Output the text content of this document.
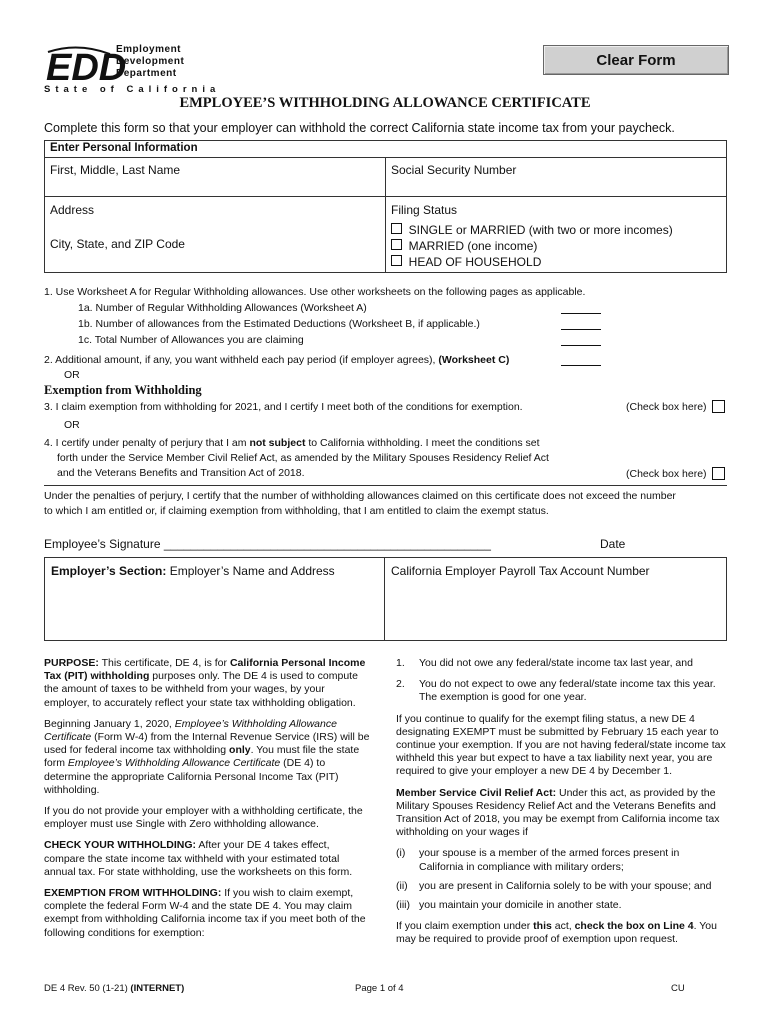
EDD
Employment
Development
Department
State of California
Clear Form
EMPLOYEE’S WITHHOLDING ALLOWANCE CERTIFICATE
Complete this form so that your employer can withhold the correct California state income tax from your paycheck.
Enter Personal Information
First, Middle, Last Name	Social Security Number
Address
City, State, and ZIP Code
Filing Status
SINGLE or MARRIED (with two or more incomes)
MARRIED (one income)
HEAD OF HOUSEHOLD
1. Use Worksheet A for Regular Withholding allowances. Use other worksheets on the following pages as applicable.
1a. Number of Regular Withholding Allowances (Worksheet A)
1b. Number of allowances from the Estimated Deductions (Worksheet B, if applicable.)
1c. Total Number of Allowances you are claiming
2. Additional amount, if any, you want withheld each pay period (if employer agrees), (Worksheet C)
OR
Exemption from Withholding
3. I claim exemption from withholding for 2021, and I certify I meet both of the conditions for exemption.	(Check box here)
OR
4. I certify under penalty of perjury that I am not subject to California withholding. I meet the conditions set
forth under the Service Member Civil Relief Act, as amended by the Military Spouses Residency Relief Act
and the Veterans Benefits and Transition Act of 2018.	(Check box here)
Under the penalties of perjury, I certify that the number of withholding allowances claimed on this certificate does not exceed the number
to which I am entitled or, if claiming exemption from withholding, that I am entitled to claim the exempt status.
Employee’s Signature _________________________________________________	Date
Employer’s Section: Employer’s Name and Address	California Employer Payroll Tax Account Number

PURPOSE: This certificate, DE 4, is for California Personal Income Tax (PIT) withholding purposes only. The DE 4 is used to compute the amount of taxes to be withheld from your wages, by your employer, to accurately reflect your state tax withholding obligation.

Beginning January 1, 2020, Employee’s Withholding Allowance Certificate (Form W-4) from the Internal Revenue Service (IRS) will be used for federal income tax withholding only. You must file the state form Employee’s Withholding Allowance Certificate (DE 4) to determine the appropriate California Personal Income Tax (PIT) withholding.

If you do not provide your employer with a withholding certificate, the employer must use Single with Zero withholding allowance.

CHECK YOUR WITHHOLDING: After your DE 4 takes effect, compare the state income tax withheld with your estimated total annual tax. For state withholding, use the worksheets on this form.

EXEMPTION FROM WITHHOLDING: If you wish to claim exempt, complete the federal Form W-4 and the state DE 4. You may claim exempt from withholding California income tax if you meet both of the following conditions for exemption:

1.	You did not owe any federal/state income tax last year, and
2.	You do not expect to owe any federal/state income tax this year. The exemption is good for one year.

If you continue to qualify for the exempt filing status, a new DE 4 designating EXEMPT must be submitted by February 15 each year to continue your exemption. If you are not having federal/state income tax withheld this year but expect to have a tax liability next year, you are required to give your employer a new DE 4 by December 1.

Member Service Civil Relief Act: Under this act, as provided by the Military Spouses Residency Relief Act and the Veterans Benefits and Transition Act of 2018, you may be exempt from California income tax withholding on your wages if

(i)	your spouse is a member of the armed forces present in California in compliance with military orders;
(ii)	you are present in California solely to be with your spouse; and
(iii) you maintain your domicile in another state.

If you claim exemption under this act, check the box on Line 4. You may be required to provide proof of exemption upon request.

DE 4 Rev. 50 (1-21) (INTERNET)	Page 1 of 4	CU
